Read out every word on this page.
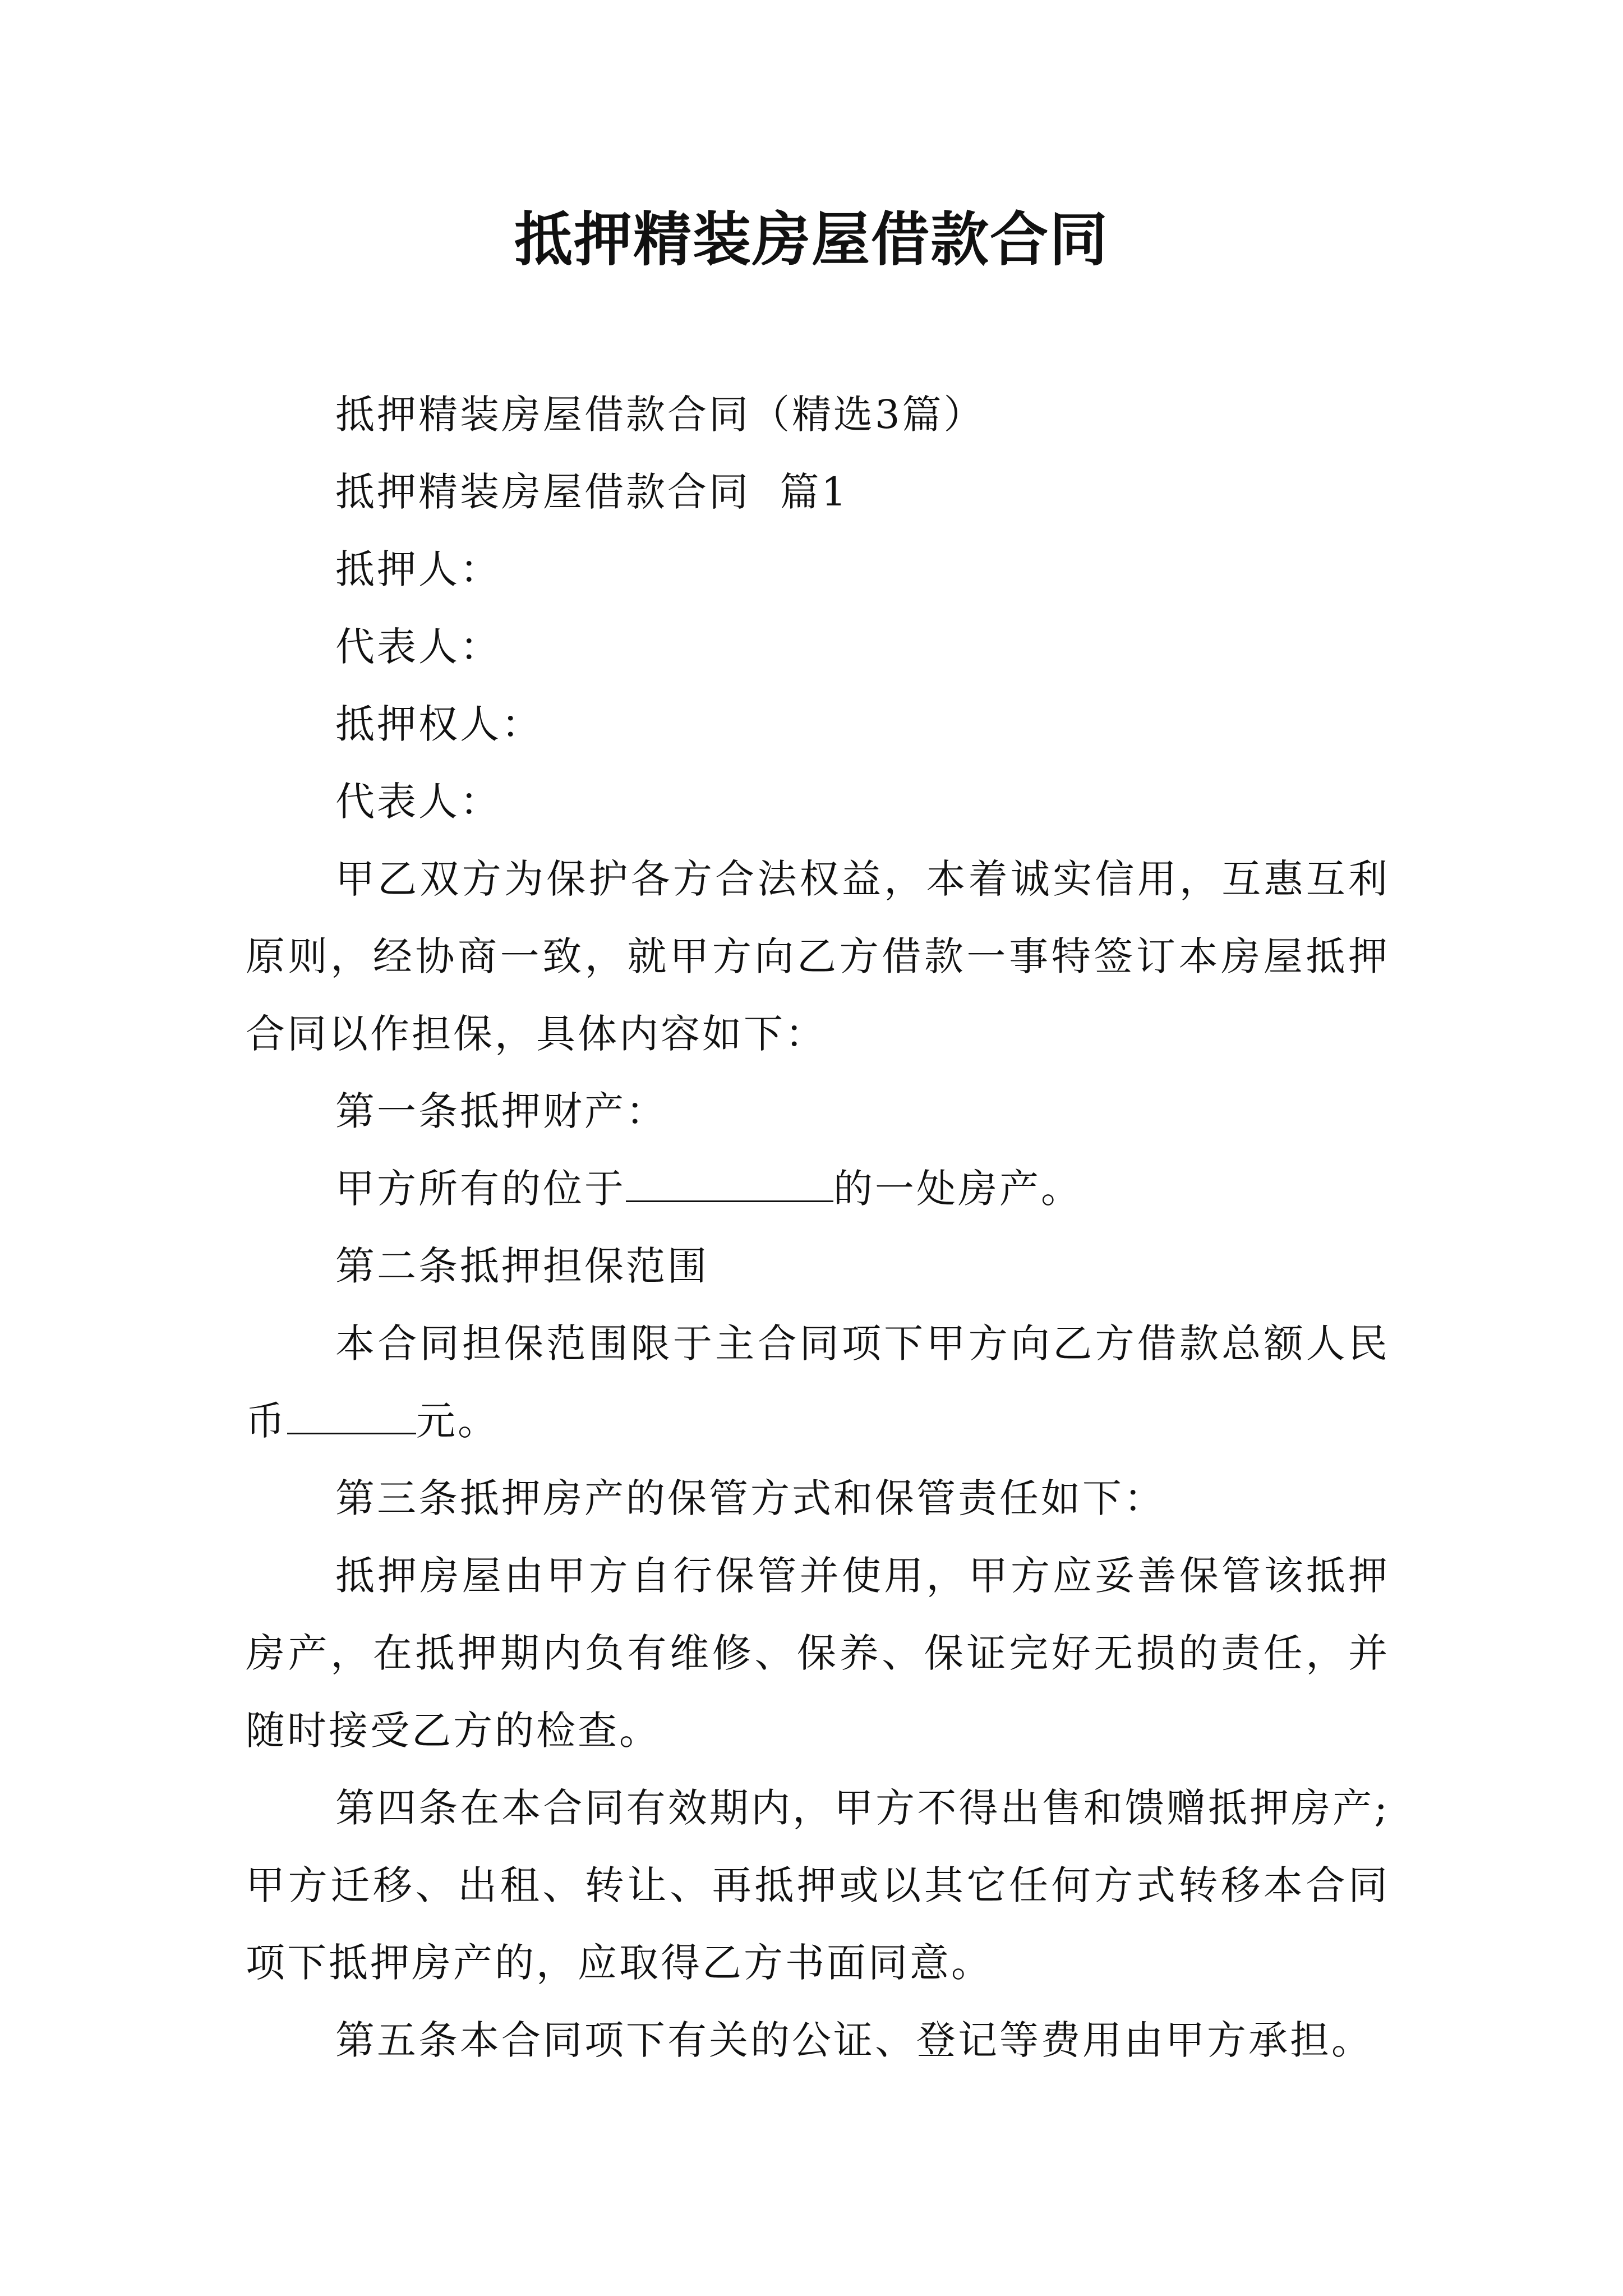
抵押精装房屋借款合同

抵押精装房屋借款合同（精选3篇）

抵押精装房屋借款合同  篇1

抵押人：

代表人：

抵押权人：

代表人：

甲乙双方为保护各方合法权益，本着诚实信用，互惠互利原则，经协商一致，就甲方向乙方借款一事特签订本房屋抵押合同以作担保，具体内容如下：

第一条抵押财产：

甲方所有的位于	的一处房产。

第二条抵押担保范围

本合同担保范围限于主合同项下甲方向乙方借款总额人民币	元。

第三条抵押房产的保管方式和保管责任如下：

抵押房屋由甲方自行保管并使用，甲方应妥善保管该抵押房产，在抵押期内负有维修、保养、保证完好无损的责任，并随时接受乙方的检查。

第四条在本合同有效期内，甲方不得出售和馈赠抵押房产;甲方迁移、出租、转让、再抵押或以其它任何方式转移本合同项下抵押房产的，应取得乙方书面同意。

第五条本合同项下有关的公证、登记等费用由甲方承担。
